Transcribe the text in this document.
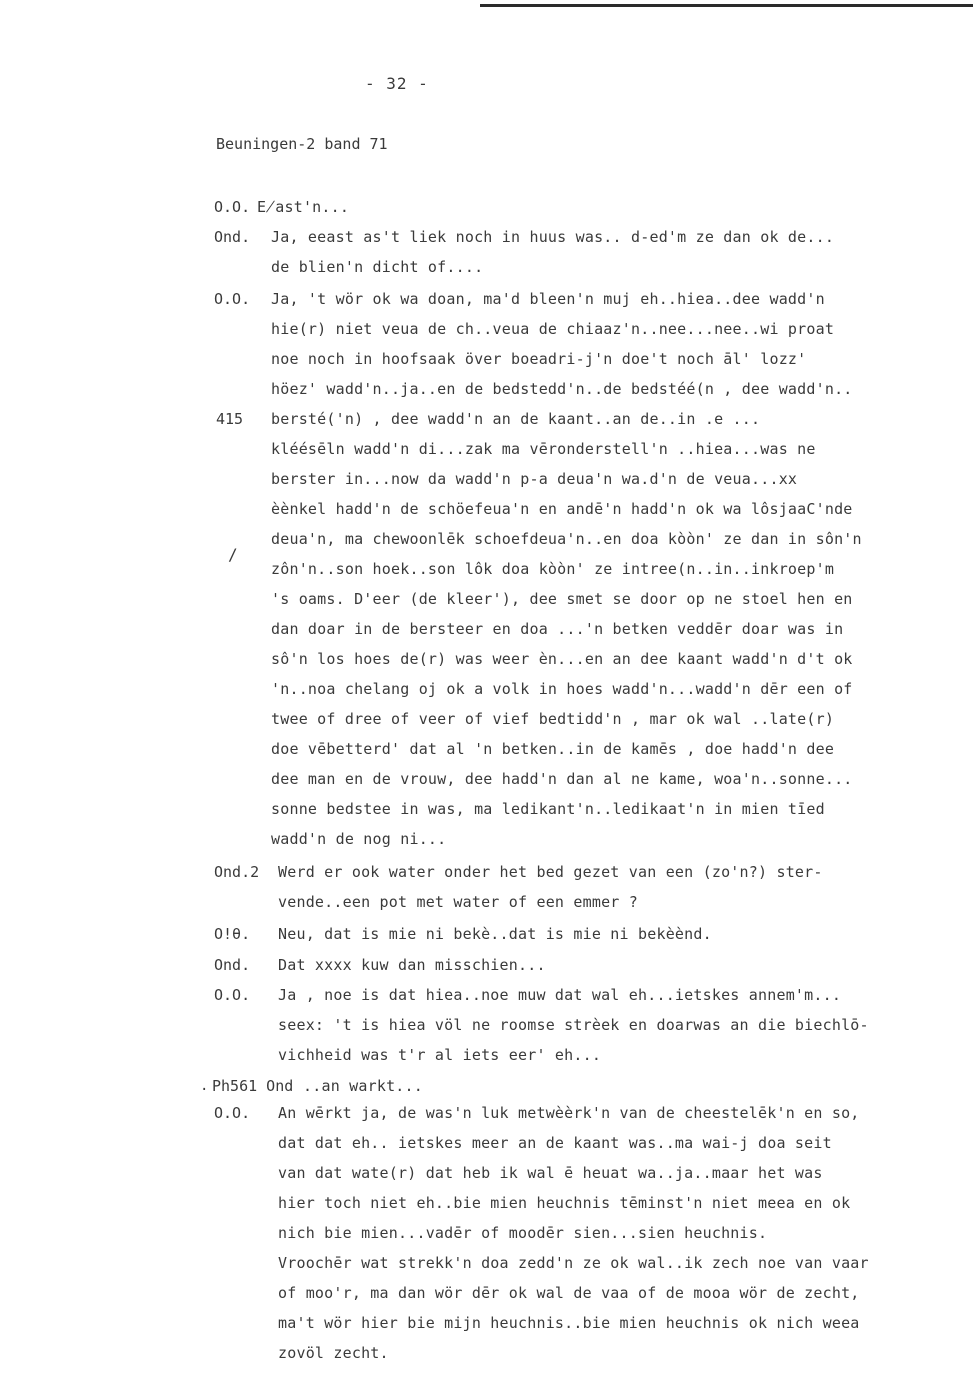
- 32 -
Beuningen-2 band 71
/
.
O.O. E̸ast'n...
Ond. Ja, eeast as't liek noch in huus was.. d-ed'm ze dan ok de...
de blien'n dicht of....
O.O. Ja, 't wör ok wa doan, ma'd bleen'n muj eh..hiea..dee wadd'n
hie(r) niet veua de ch..veua de chiaaz'n..nee...nee..wi proat
noe noch in hoofsaak över boeadri-j'n doe't noch āl' lozz'
höez' wadd'n..ja..en de bedstedd'n..de bedstéé(n , dee wadd'n..
bersté('n) , dee wadd'n an de kaant..an de..in .e ...
kléésēln wadd'n di...zak ma vēronderstell'n ..hiea...was ne
berster in...now da wadd'n p-a deua'n wa.d'n de veua...xx
èènkel hadd'n de schöefeua'n en andē'n hadd'n ok wa lôsjaaC'nde
deua'n, ma chewoonlēk schoefdeua'n..en doa kòòn' ze dan in sôn'n
zôn'n..son hoek..son lôk doa kòòn' ze intree(n..in..inkroep'm
's oams. D'eer (de kleer'), dee smet se door op ne stoel hen en
dan doar in de bersteer en doa ...'n betken veddēr doar was in
sô'n los hoes de(r) was weer èn...en an dee kaant wadd'n d't ok
'n..noa chelang oj ok a volk in hoes wadd'n...wadd'n dēr een of
twee of dree of veer of vief bedtidd'n , mar ok wal ..late(r)
doe vēbetterd' dat al 'n betken..in de kamēs , doe hadd'n dee
dee man en de vrouw, dee hadd'n dan al ne kame, woa'n..sonne...
sonne bedstee in was, ma ledikant'n..ledikaat'n in mien tīed
wadd'n de nog ni...
Ond.2 Werd er ook water onder het bed gezet van een (zo'n?) ster-
vende..een pot met water of een emmer ?
O!θ. Neu, dat is mie ni bekè..dat is mie ni bekèènd.
Ond. Dat xxxx kuw dan misschien...
O.O. Ja , noe is dat hiea..noe muw dat wal eh...ietskes annem'm...
seex: 't is hiea völ ne roomse strèek en doarwas an die biechlō-
vichheid was t'r al iets eer' eh...
Ph561 Ond ..an warkt...
O.O. An wērkt ja, de was'n luk metwèèrk'n van de cheestelēk'n en so,
dat dat eh.. ietskes meer an de kaant was..ma wai-j doa seit
van dat wate(r) dat heb ik wal ē heuat wa..ja..maar het was
hier toch niet eh..bie mien heuchnis tēminst'n niet meea en ok
nich bie mien...vadēr of moodēr sien...sien heuchnis.
Vroochēr wat strekk'n doa zedd'n ze ok wal..ik zech noe van vaar
of moo'r, ma dan wör dēr ok wal de vaa of de mooa wör de zecht,
ma't wör hier bie mijn heuchnis..bie mien heuchnis ok nich weea
zovöl zecht.
415
